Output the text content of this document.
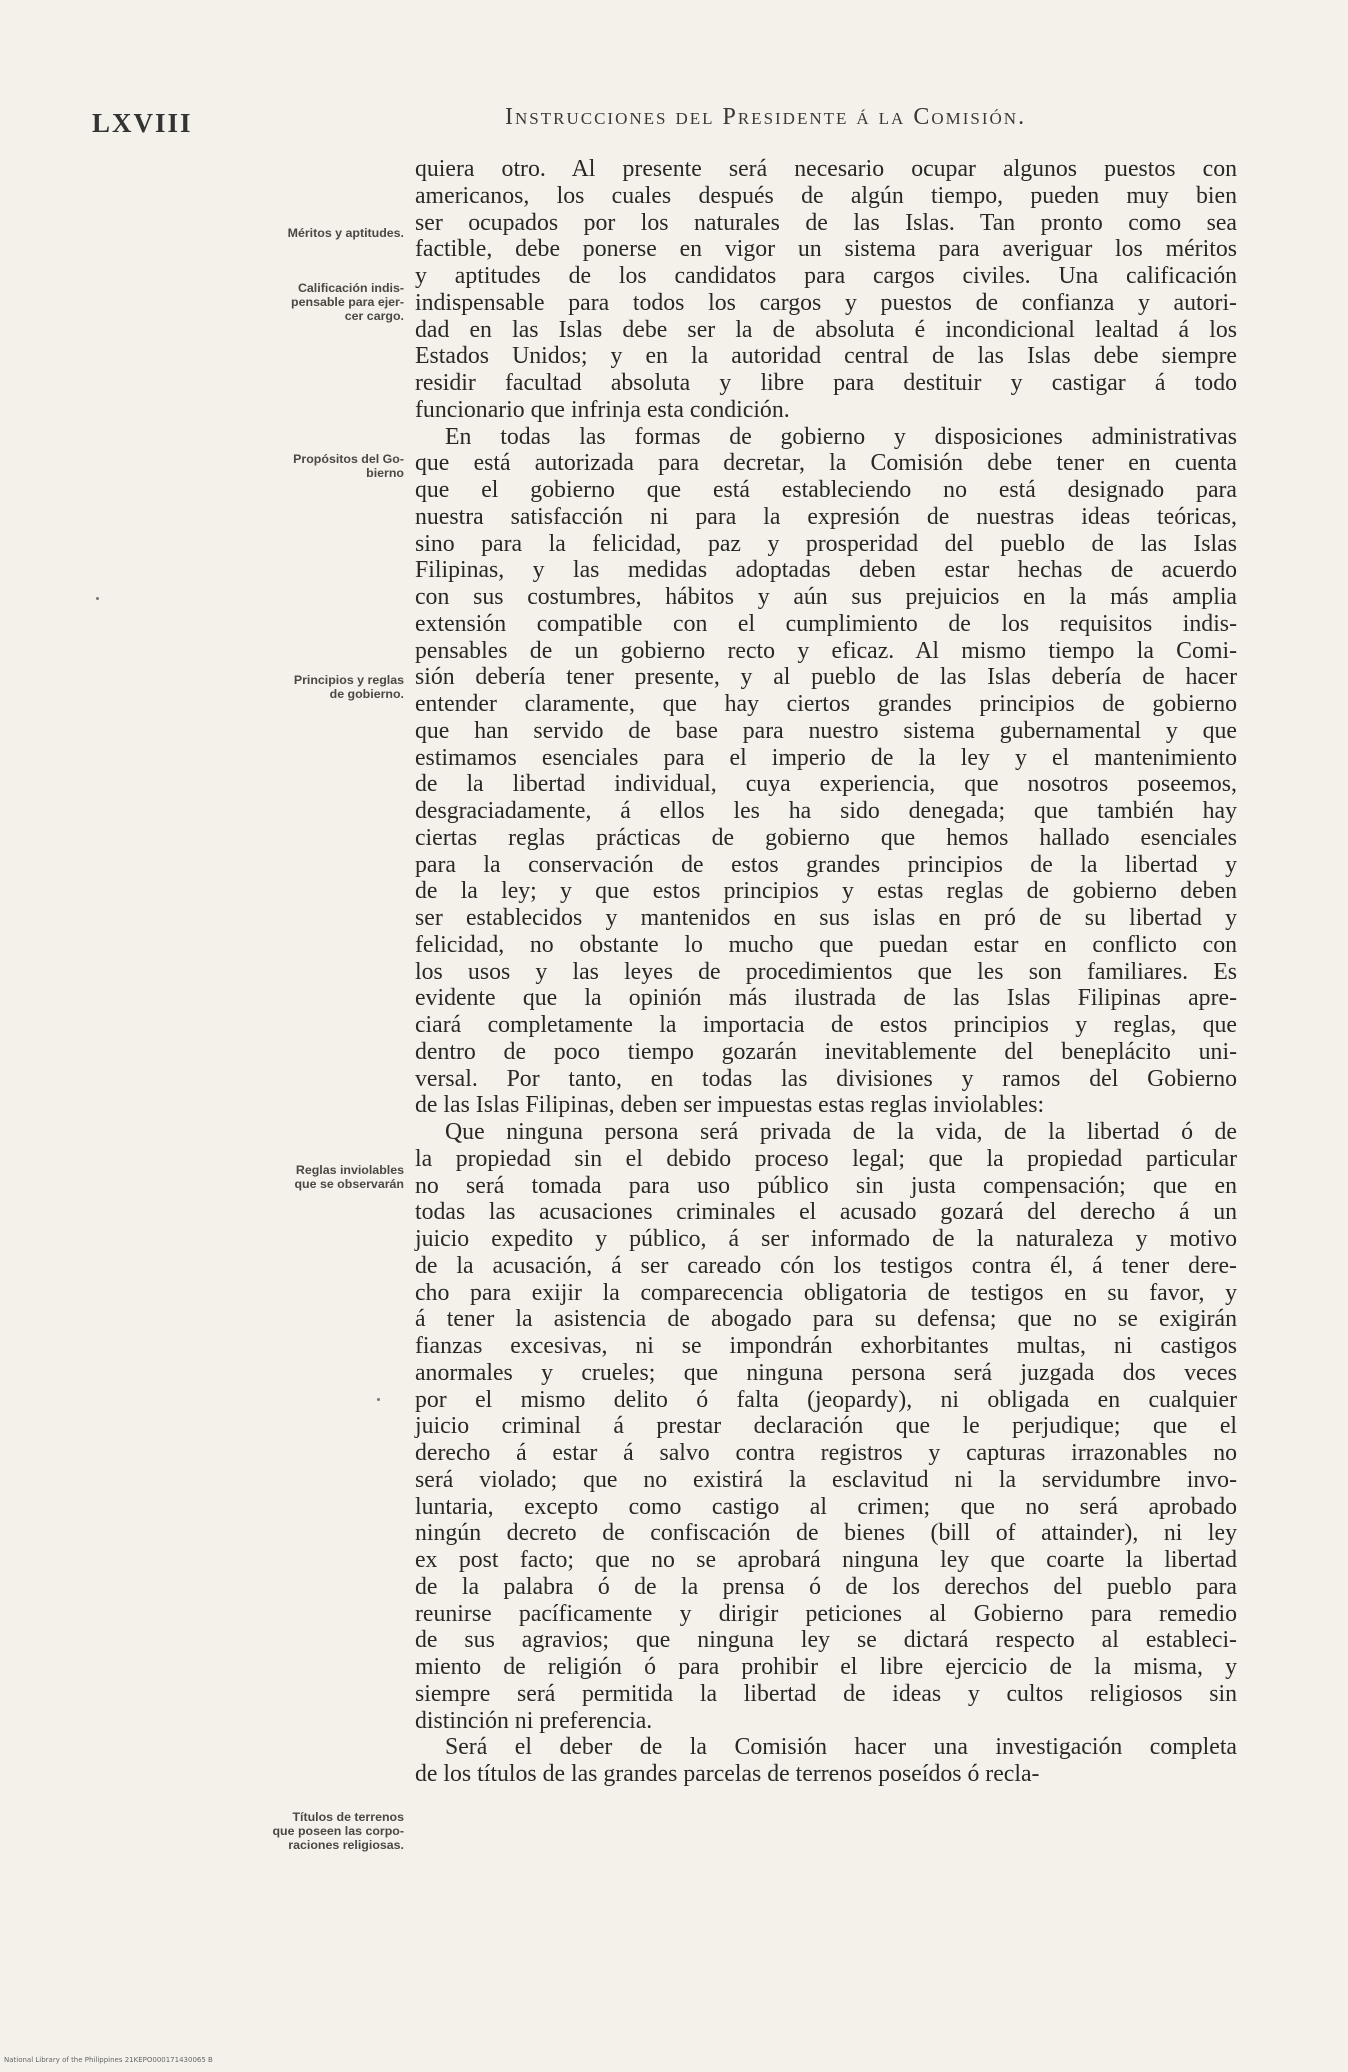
LXVIII	Instrucciones del Presidente á la Comisión.
Méritos y aptitudes.
Calificación indis-
pensable para ejer-
cer cargo.
Propósitos del Go-
bierno
Principios y reglas
de gobierno.
Reglas inviolables
que se observarán
Títulos de terrenos
que poseen las corpo-
raciones religiosas.
quiera otro. Al presente será necesario ocupar algunos puestos con
americanos, los cuales después de algún tiempo, pueden muy bien
ser ocupados por los naturales de las Islas. Tan pronto como sea
factible, debe ponerse en vigor un sistema para averiguar los méritos
y aptitudes de los candidatos para cargos civiles. Una calificación
indispensable para todos los cargos y puestos de confianza y autori-
dad en las Islas debe ser la de absoluta é incondicional lealtad á los
Estados Unidos; y en la autoridad central de las Islas debe siempre
residir facultad absoluta y libre para destituir y castigar á todo
funcionario que infrinja esta condición.
En todas las formas de gobierno y disposiciones administrativas
que está autorizada para decretar, la Comisión debe tener en cuenta
que el gobierno que está estableciendo no está designado para
nuestra satisfacción ni para la expresión de nuestras ideas teóricas,
sino para la felicidad, paz y prosperidad del pueblo de las Islas
Filipinas, y las medidas adoptadas deben estar hechas de acuerdo
con sus costumbres, hábitos y aún sus prejuicios en la más amplia
extensión compatible con el cumplimiento de los requisitos indis-
pensables de un gobierno recto y eficaz. Al mismo tiempo la Comi-
sión debería tener presente, y al pueblo de las Islas debería de hacer
entender claramente, que hay ciertos grandes principios de gobierno
que han servido de base para nuestro sistema gubernamental y que
estimamos esenciales para el imperio de la ley y el mantenimiento
de la libertad individual, cuya experiencia, que nosotros poseemos,
desgraciadamente, á ellos les ha sido denegada; que también hay
ciertas reglas prácticas de gobierno que hemos hallado esenciales
para la conservación de estos grandes principios de la libertad y
de la ley; y que estos principios y estas reglas de gobierno deben
ser establecidos y mantenidos en sus islas en pró de su libertad y
felicidad, no obstante lo mucho que puedan estar en conflicto con
los usos y las leyes de procedimientos que les son familiares. Es
evidente que la opinión más ilustrada de las Islas Filipinas apre-
ciará completamente la importacia de estos principios y reglas, que
dentro de poco tiempo gozarán inevitablemente del beneplácito uni-
versal. Por tanto, en todas las divisiones y ramos del Gobierno
de las Islas Filipinas, deben ser impuestas estas reglas inviolables:
Que ninguna persona será privada de la vida, de la libertad ó de
la propiedad sin el debido proceso legal; que la propiedad particular
no será tomada para uso público sin justa compensación; que en
todas las acusaciones criminales el acusado gozará del derecho á un
juicio expedito y público, á ser informado de la naturaleza y motivo
de la acusación, á ser careado cón los testigos contra él, á tener dere-
cho para exijir la comparecencia obligatoria de testigos en su favor, y
á tener la asistencia de abogado para su defensa; que no se exigirán
fianzas excesivas, ni se impondrán exhorbitantes multas, ni castigos
anormales y crueles; que ninguna persona será juzgada dos veces
por el mismo delito ó falta (jeopardy), ni obligada en cualquier
juicio criminal á prestar declaración que le perjudique; que el
derecho á estar á salvo contra registros y capturas irrazonables no
será violado; que no existirá la esclavitud ni la servidumbre invo-
luntaria, excepto como castigo al crimen; que no será aprobado
ningún decreto de confiscación de bienes (bill of attainder), ni ley
ex post facto; que no se aprobará ninguna ley que coarte la libertad
de la palabra ó de la prensa ó de los derechos del pueblo para
reunirse pacíficamente y dirigir peticiones al Gobierno para remedio
de sus agravios; que ninguna ley se dictará respecto al estableci-
miento de religión ó para prohibir el libre ejercicio de la misma, y
siempre será permitida la libertad de ideas y cultos religiosos sin
distinción ni preferencia.
Será el deber de la Comisión hacer una investigación completa
de los títulos de las grandes parcelas de terrenos poseídos ó recla-
National Library of the Philippines 21KEPO000171430065 B
